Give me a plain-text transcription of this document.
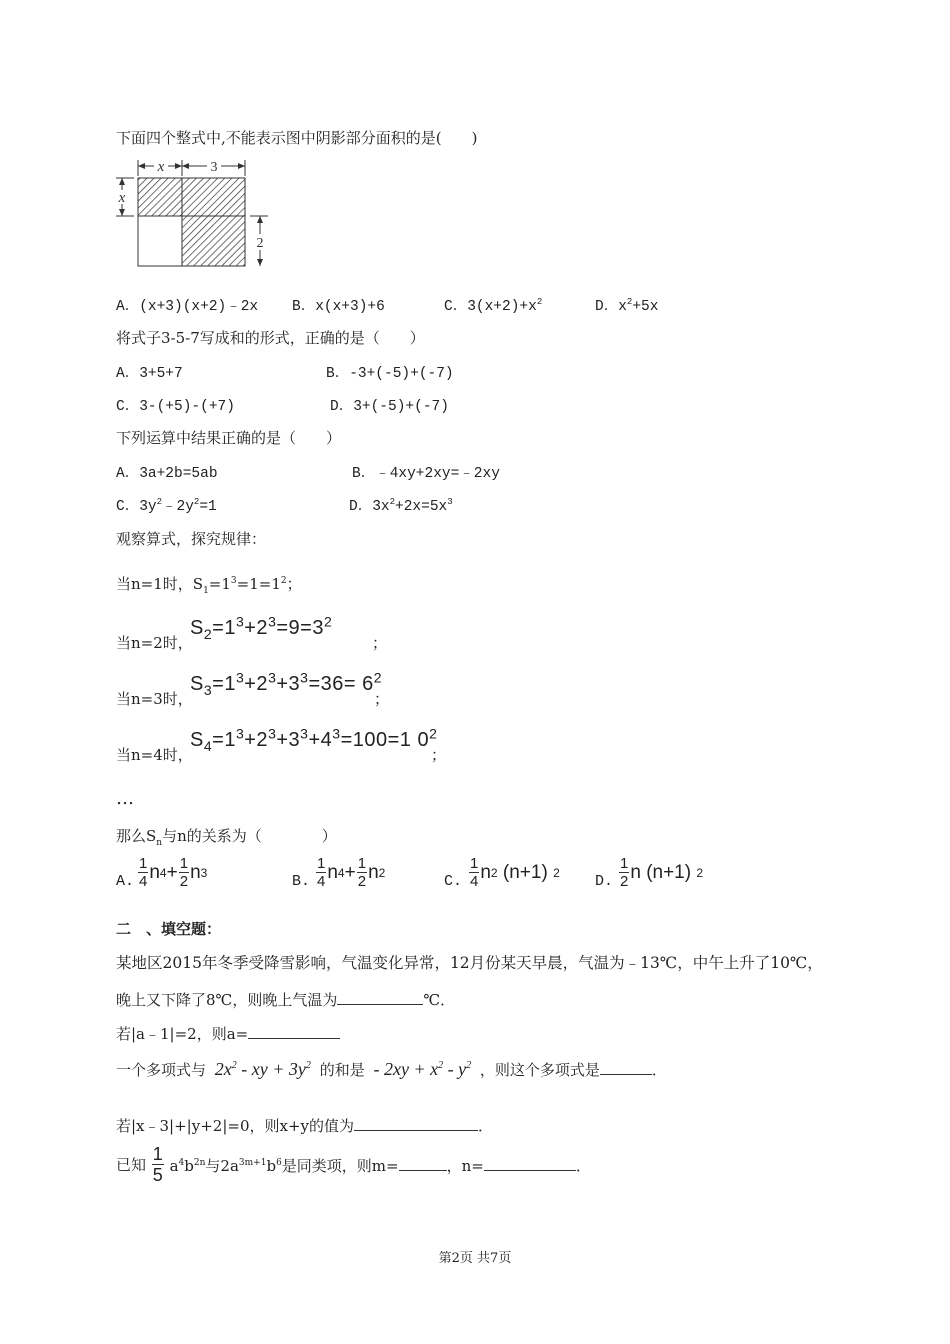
下面四个整式中,不能表示图中阴影部分面积的是(　　)
x	3
x
2
A．(x+3)(x+2)﹣2x B．x(x+3)+6	C．$3(x+2)+x^2$	D．$x^2+5x$
将式子3-5-7写成和的形式，正确的是（　　）
A．3+5+7	B．-3+(-5)+(-7)
C．3-(+5)-(+7)	D．3+(-5)+(-7)
下列运算中结果正确的是（　　）
A．3a+2b=5ab	B．﹣4xy+2xy=﹣2xy
C．$3y^2﹣2y^2=1$	D．$3x^2+2x=5x^3$
观察算式，探究规律：
当n=1时，$S_1=1^3=1=1^2$；
当n=2时，
$S_2=1^3+2^3=9=3^2$
；
当n=3时，
$S_3=1^3+2^3+3^3=36= 6^2$
；
当n=4时，
$S_4=1^3+2^3+3^3+4^3=100=1$ $0^2$
；
…
那么$S_n$与n的关系为（　　　　）
A. $\frac{1}{4}$ n $4 + \frac{1}{2}$ n 3
B. $\frac{1}{4}$ n $4 + \frac{1}{2}$ n 2
C. $\frac{1}{4}$ n 2 (n+1) 2
D. $\frac{1}{2}$ n (n+1) 2
二　、填空题：
某地区2015年冬季受降雪影响，气温变化异常，12月份某天早晨，气温为﹣13℃，中午上升了10℃，
晚上又下降了8℃，则晚上气温为	℃．
若|a﹣1|=2，则a=
一个多项式与 $2x^2$ - xy + $3y^2$ 的和是 - $2xy + x^2 - y^2$ ，则这个多项式是	．
若|x﹣3|+|y+2|=0，则x+y的值为	．
已知 $\frac{1}{5} a^4b^{2n}$与$2a^{3m+1}b^6$是同类项，则m=	，n=	．
第2页 共7页
